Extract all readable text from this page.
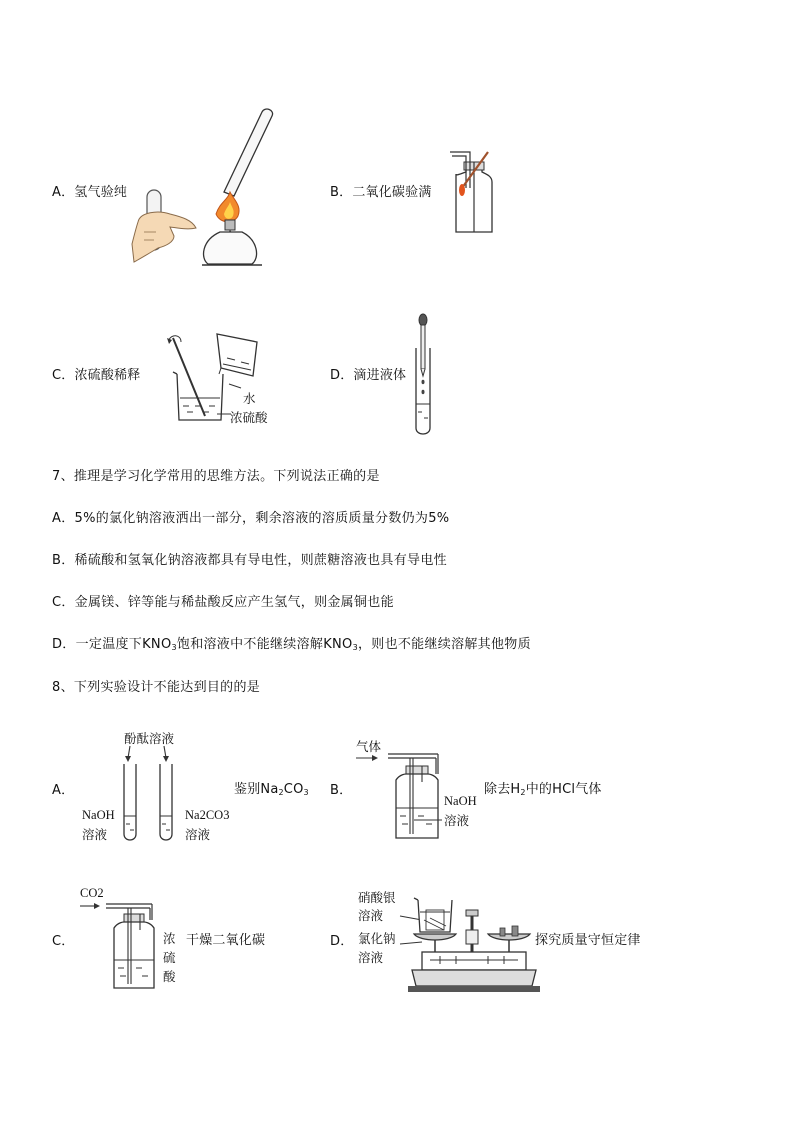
A．氢气验纯	B．二氧化碳验满
C．浓硫酸稀释
水
浓硫酸
D．滴进液体
7、推理是学习化学常用的思维方法。下列说法正确的是
A．5%的氯化钠溶液洒出一部分，剩余溶液的溶质质量分数仍为5%
B．稀硫酸和氢氧化钠溶液都具有导电性，则蔗糖溶液也具有导电性
C．金属镁、锌等能与稀盐酸反应产生氢气，则金属铜也能
D．一定温度下$KNO_3$饱和溶液中不能继续溶解$KNO_3$，则也不能继续溶解其他物质
8、下列实验设计不能达到目的的是
A．
酚酞溶液
NaOH
溶液
Na2CO3
溶液
鉴别$Na_2CO_3$ B．
气体
NaOH
溶液
除去$H_2$中的HCl气体
C．
CO2
浓
硫
酸
干燥二氧化碳	D．
硝酸银
溶液
氯化钠
溶液
探究质量守恒定律
